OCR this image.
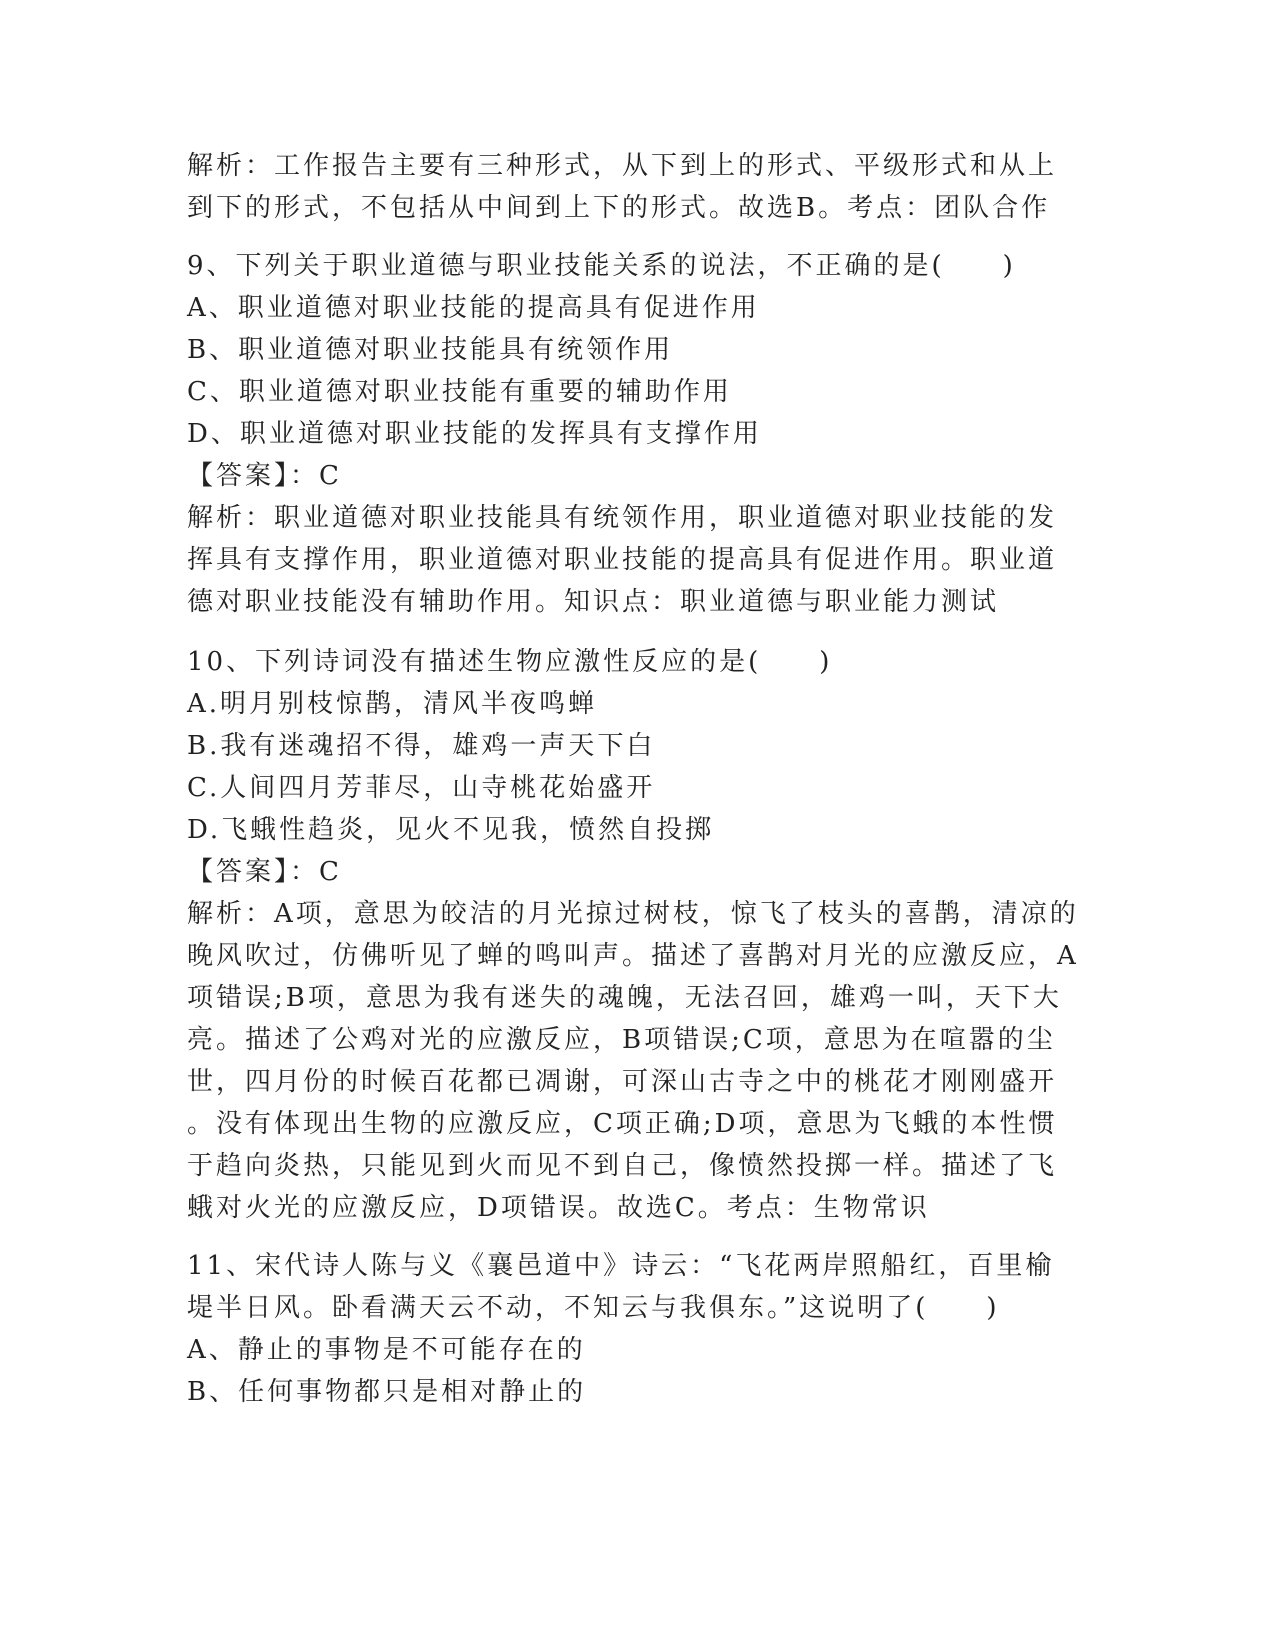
解析：工作报告主要有三种形式，从下到上的形式、平级形式和从上
到下的形式，不包括从中间到上下的形式。故选B。考点：团队合作
9、下列关于职业道德与职业技能关系的说法，不正确的是(　　)
A、职业道德对职业技能的提高具有促进作用
B、职业道德对职业技能具有统领作用
C、职业道德对职业技能有重要的辅助作用
D、职业道德对职业技能的发挥具有支撑作用
【答案】：C
解析：职业道德对职业技能具有统领作用，职业道德对职业技能的发
挥具有支撑作用，职业道德对职业技能的提高具有促进作用。职业道
德对职业技能没有辅助作用。知识点：职业道德与职业能力测试
10、下列诗词没有描述生物应激性反应的是(　　)
A.明月别枝惊鹊，清风半夜鸣蝉
B.我有迷魂招不得，雄鸡一声天下白
C.人间四月芳菲尽，山寺桃花始盛开
D.飞蛾性趋炎，见火不见我，愤然自投掷
【答案】：C
解析：A项，意思为皎洁的月光掠过树枝，惊飞了枝头的喜鹊，清凉的
晚风吹过，仿佛听见了蝉的鸣叫声。描述了喜鹊对月光的应激反应，A
项错误;B项，意思为我有迷失的魂魄，无法召回，雄鸡一叫，天下大
亮。描述了公鸡对光的应激反应，B项错误;C项，意思为在喧嚣的尘
世，四月份的时候百花都已凋谢，可深山古寺之中的桃花才刚刚盛开
。没有体现出生物的应激反应，C项正确;D项，意思为飞蛾的本性惯
于趋向炎热，只能见到火而见不到自己，像愤然投掷一样。描述了飞
蛾对火光的应激反应，D项错误。故选C。考点：生物常识
11、宋代诗人陈与义《襄邑道中》诗云：“飞花两岸照船红，百里榆
堤半日风。卧看满天云不动，不知云与我俱东。”这说明了(　　)
A、静止的事物是不可能存在的
B、任何事物都只是相对静止的
